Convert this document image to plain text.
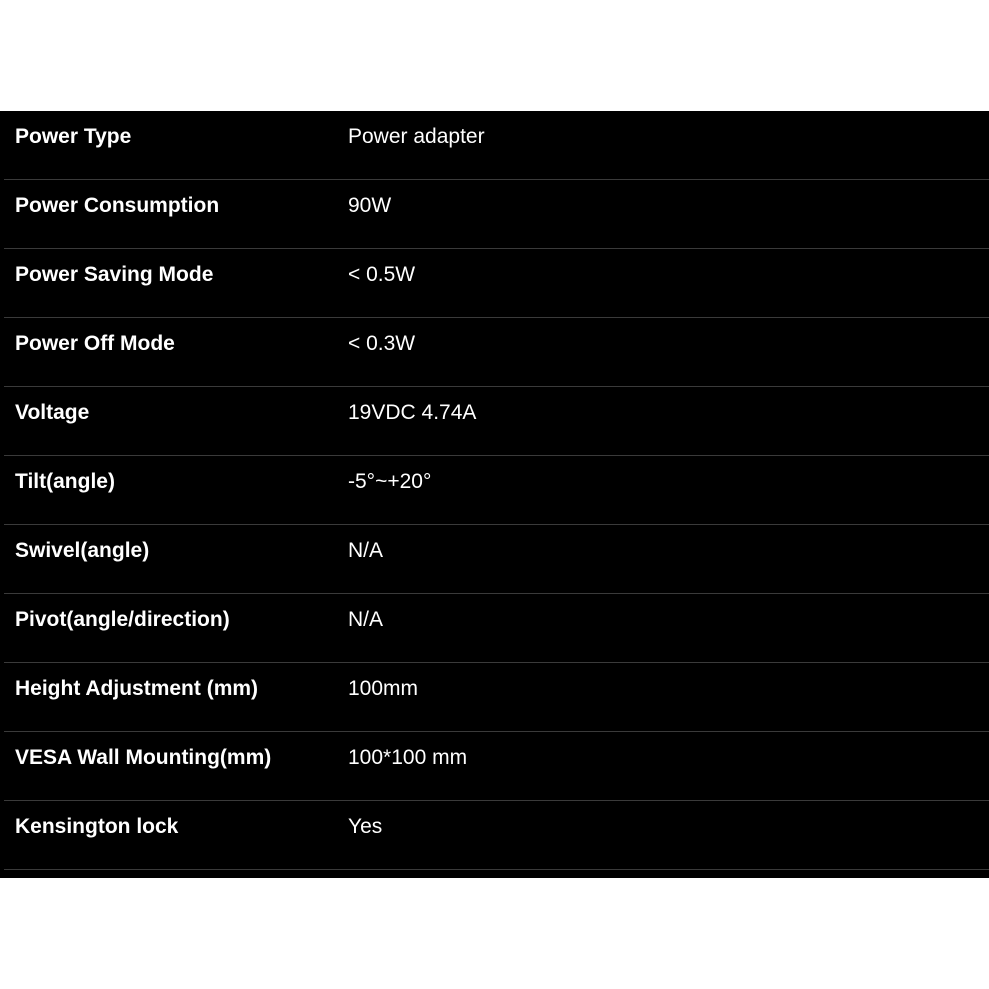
Power Type	Power adapter
Power Consumption	90W
Power Saving Mode	< 0.5W
Power Off Mode	< 0.3W
Voltage	19VDC 4.74A
Tilt(angle)	-5°~+20°
Swivel(angle)	N/A
Pivot(angle/direction)	N/A
Height Adjustment (mm)	100mm
VESA Wall Mounting(mm)	100*100 mm
Kensington lock	Yes
